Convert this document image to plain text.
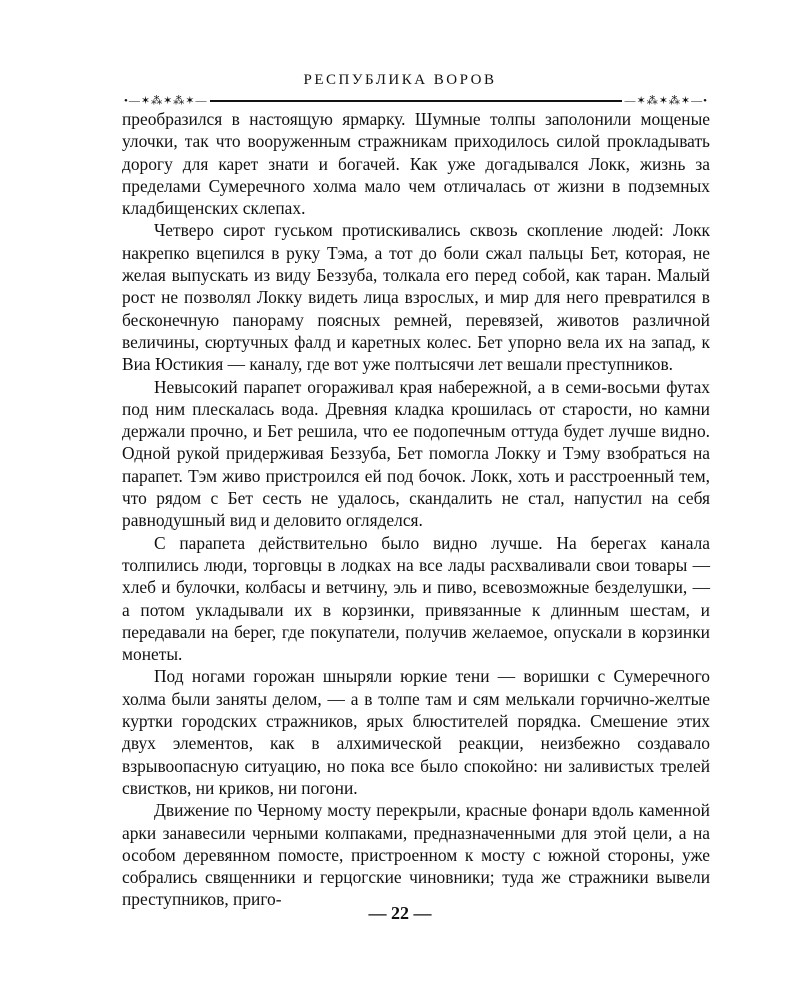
РЕСПУБЛИКА ВОРОВ
•—✶⁂✶⁂✶—	—✶⁂✶⁂✶—•

преобразился в настоящую ярмарку. Шумные толпы заполонили мощеные улочки, так что вооруженным стражникам приходилось силой прокладывать дорогу для карет знати и богачей. Как уже догадывался Локк, жизнь за пределами Сумеречного холма мало чем отличалась от жизни в подземных кладбищенских склепах.

Четверо сирот гуськом протискивались сквозь скопление людей: Локк накрепко вцепился в руку Тэма, а тот до боли сжал пальцы Бет, которая, не желая выпускать из виду Беззуба, толкала его перед собой, как таран. Малый рост не позволял Локку видеть лица взрослых, и мир для него превратился в бесконечную панораму поясных ремней, перевязей, животов различной величины, сюртучных фалд и каретных колес. Бет упорно вела их на запад, к Виа Юстикия — каналу, где вот уже полтысячи лет вешали преступников.

Невысокий парапет огораживал края набережной, а в семи-восьми футах под ним плескалась вода. Древняя кладка крошилась от старости, но камни держали прочно, и Бет решила, что ее подопечным оттуда будет лучше видно. Одной рукой придерживая Беззуба, Бет помогла Локку и Тэму взобраться на парапет. Тэм живо пристроился ей под бочок. Локк, хоть и расстроенный тем, что рядом с Бет сесть не удалось, скандалить не стал, напустил на себя равнодушный вид и деловито огляделся.

С парапета действительно было видно лучше. На берегах канала толпились люди, торговцы в лодках на все лады расхваливали свои товары — хлеб и булочки, колбасы и ветчину, эль и пиво, всевозможные безделушки, — а потом укладывали их в корзинки, привязанные к длинным шестам, и передавали на берег, где покупатели, получив желаемое, опускали в корзинки монеты.

Под ногами горожан шныряли юркие тени — воришки с Сумеречного холма были заняты делом, — а в толпе там и сям мелькали горчично-желтые куртки городских стражников, ярых блюстителей порядка. Смешение этих двух элементов, как в алхимической реакции, неизбежно создавало взрывоопасную ситуацию, но пока все было спокойно: ни заливистых трелей свистков, ни криков, ни погони.

Движение по Черному мосту перекрыли, красные фонари вдоль каменной арки занавесили черными колпаками, предназначенными для этой цели, а на особом деревянном помосте, пристроенном к мосту с южной стороны, уже собрались священники и герцогские чиновники; туда же стражники вывели преступников, приго-

— 22 —
